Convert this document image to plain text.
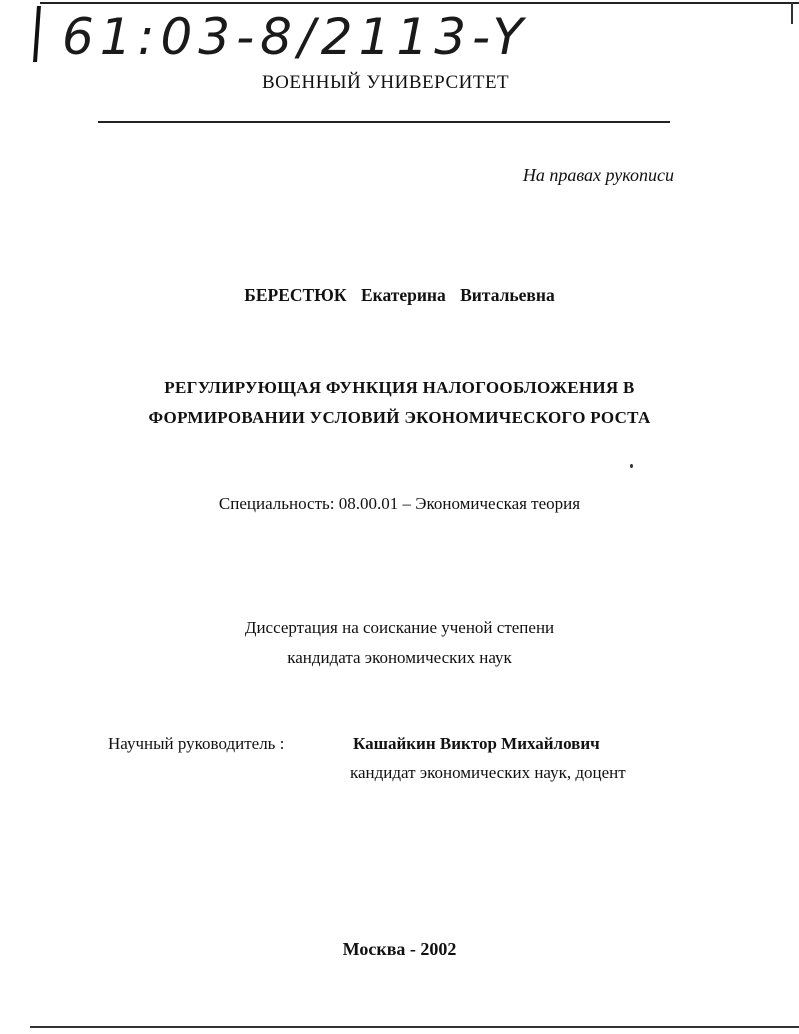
61:03-8/2113-Y
ВОЕННЫЙ УНИВЕРСИТЕТ
На правах рукописи
БЕРЕСТЮК Екатерина Витальевна
РЕГУЛИРУЮЩАЯ ФУНКЦИЯ НАЛОГООБЛОЖЕНИЯ В
ФОРМИРОВАНИИ УСЛОВИЙ ЭКОНОМИЧЕСКОГО РОСТА
Специальность: 08.00.01 – Экономическая теория
Диссертация на соискание ученой степени
кандидата экономических наук
Научный руководитель :	Кашайкин Виктор Михайлович
кандидат экономических наук, доцент
Москва - 2002
